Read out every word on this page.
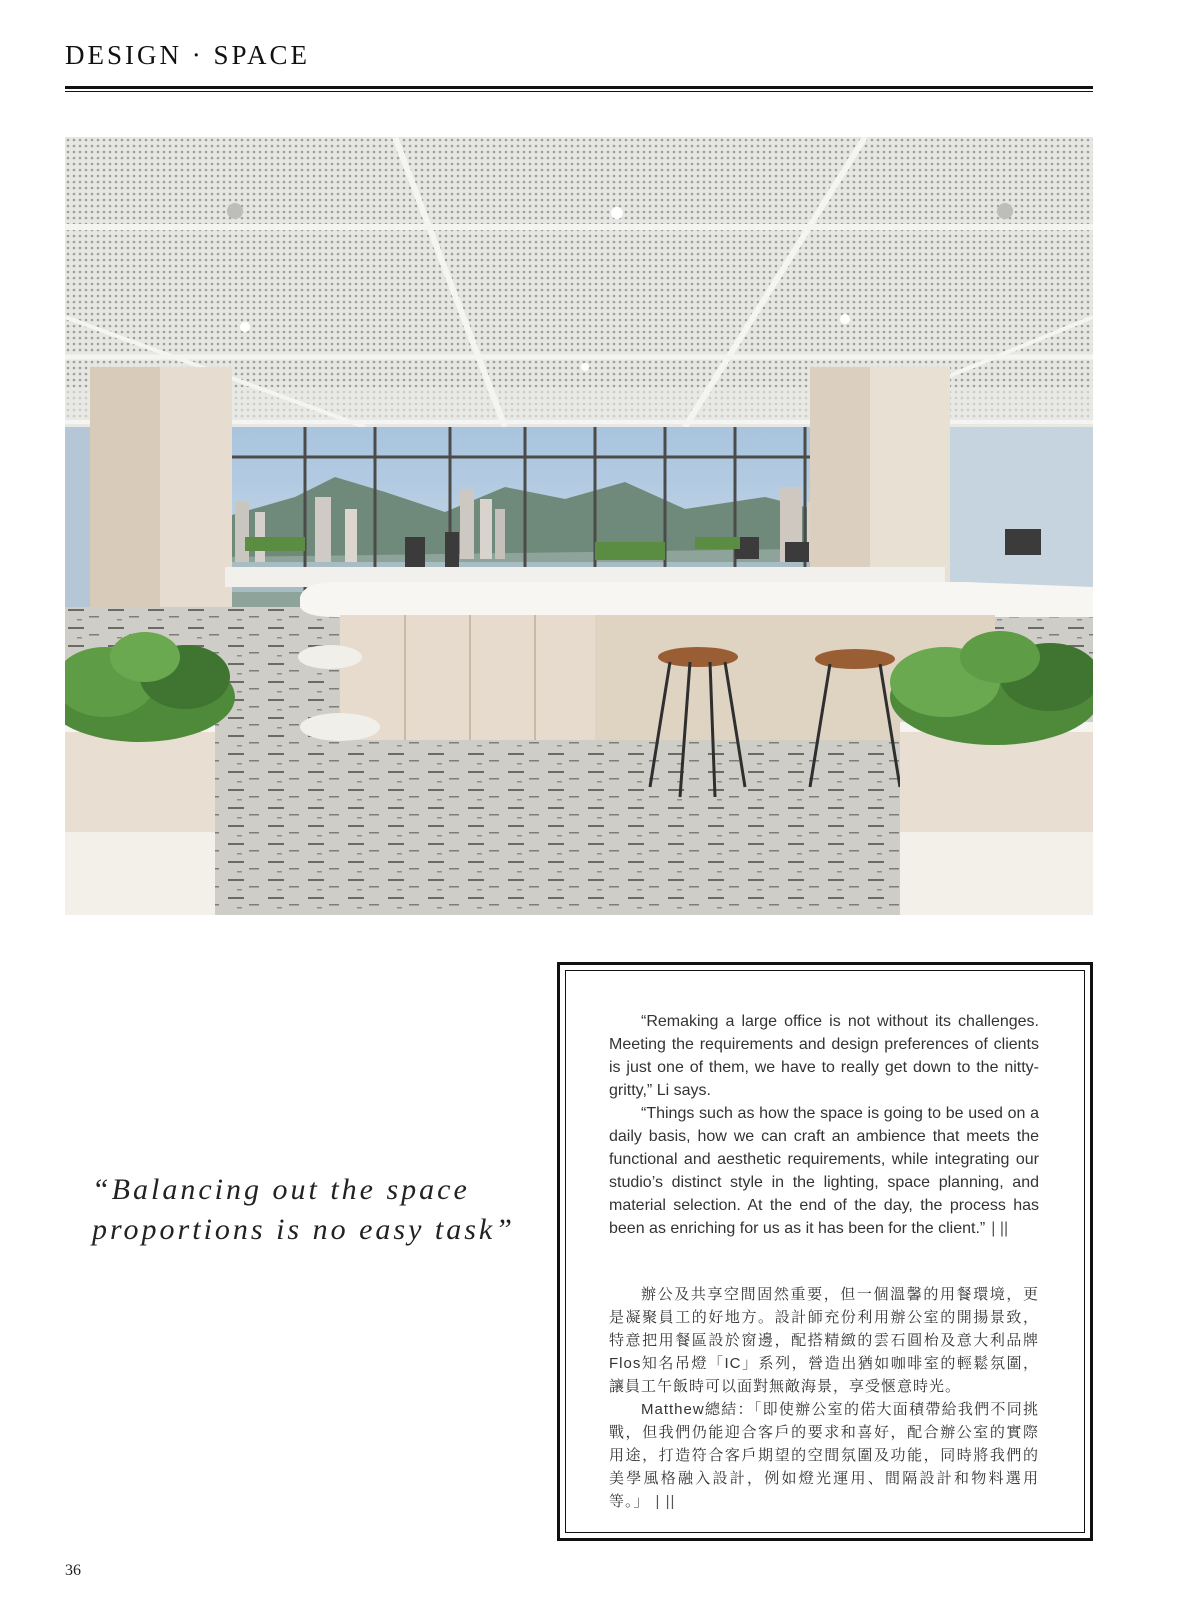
DESIGN · SPACE
“Balancing out the space
proportions is no easy task”

“Remaking a large office is not without its challenges. Meeting the requirements and design preferences of clients is just one of them, we have to really get down to the nitty-gritty,” Li says.

“Things such as how the space is going to be used on a daily basis, how we can craft an ambience that meets the functional and aesthetic requirements, while integrating our studio’s distinct style in the lighting, space planning, and material selection. At the end of the day, the process has been as enriching for us as it has been for the client.” | ||

辦公及共享空間固然重要，但一個溫馨的用餐環境，更是凝聚員工的好地方。設計師充份利用辦公室的開揚景致，特意把用餐區設於窗邊，配搭精緻的雲石圓枱及意大利品牌Flos知名吊燈「IC」系列，營造出猶如咖啡室的輕鬆氛圍，讓員工午飯時可以面對無敵海景，享受愜意時光。

Matthew總結：「即使辦公室的偌大面積帶給我們不同挑戰，但我們仍能迎合客戶的要求和喜好，配合辦公室的實際用途，打造符合客戶期望的空間氛圍及功能，同時將我們的美學風格融入設計，例如燈光運用、間隔設計和物料選用等。」 | ||

36
